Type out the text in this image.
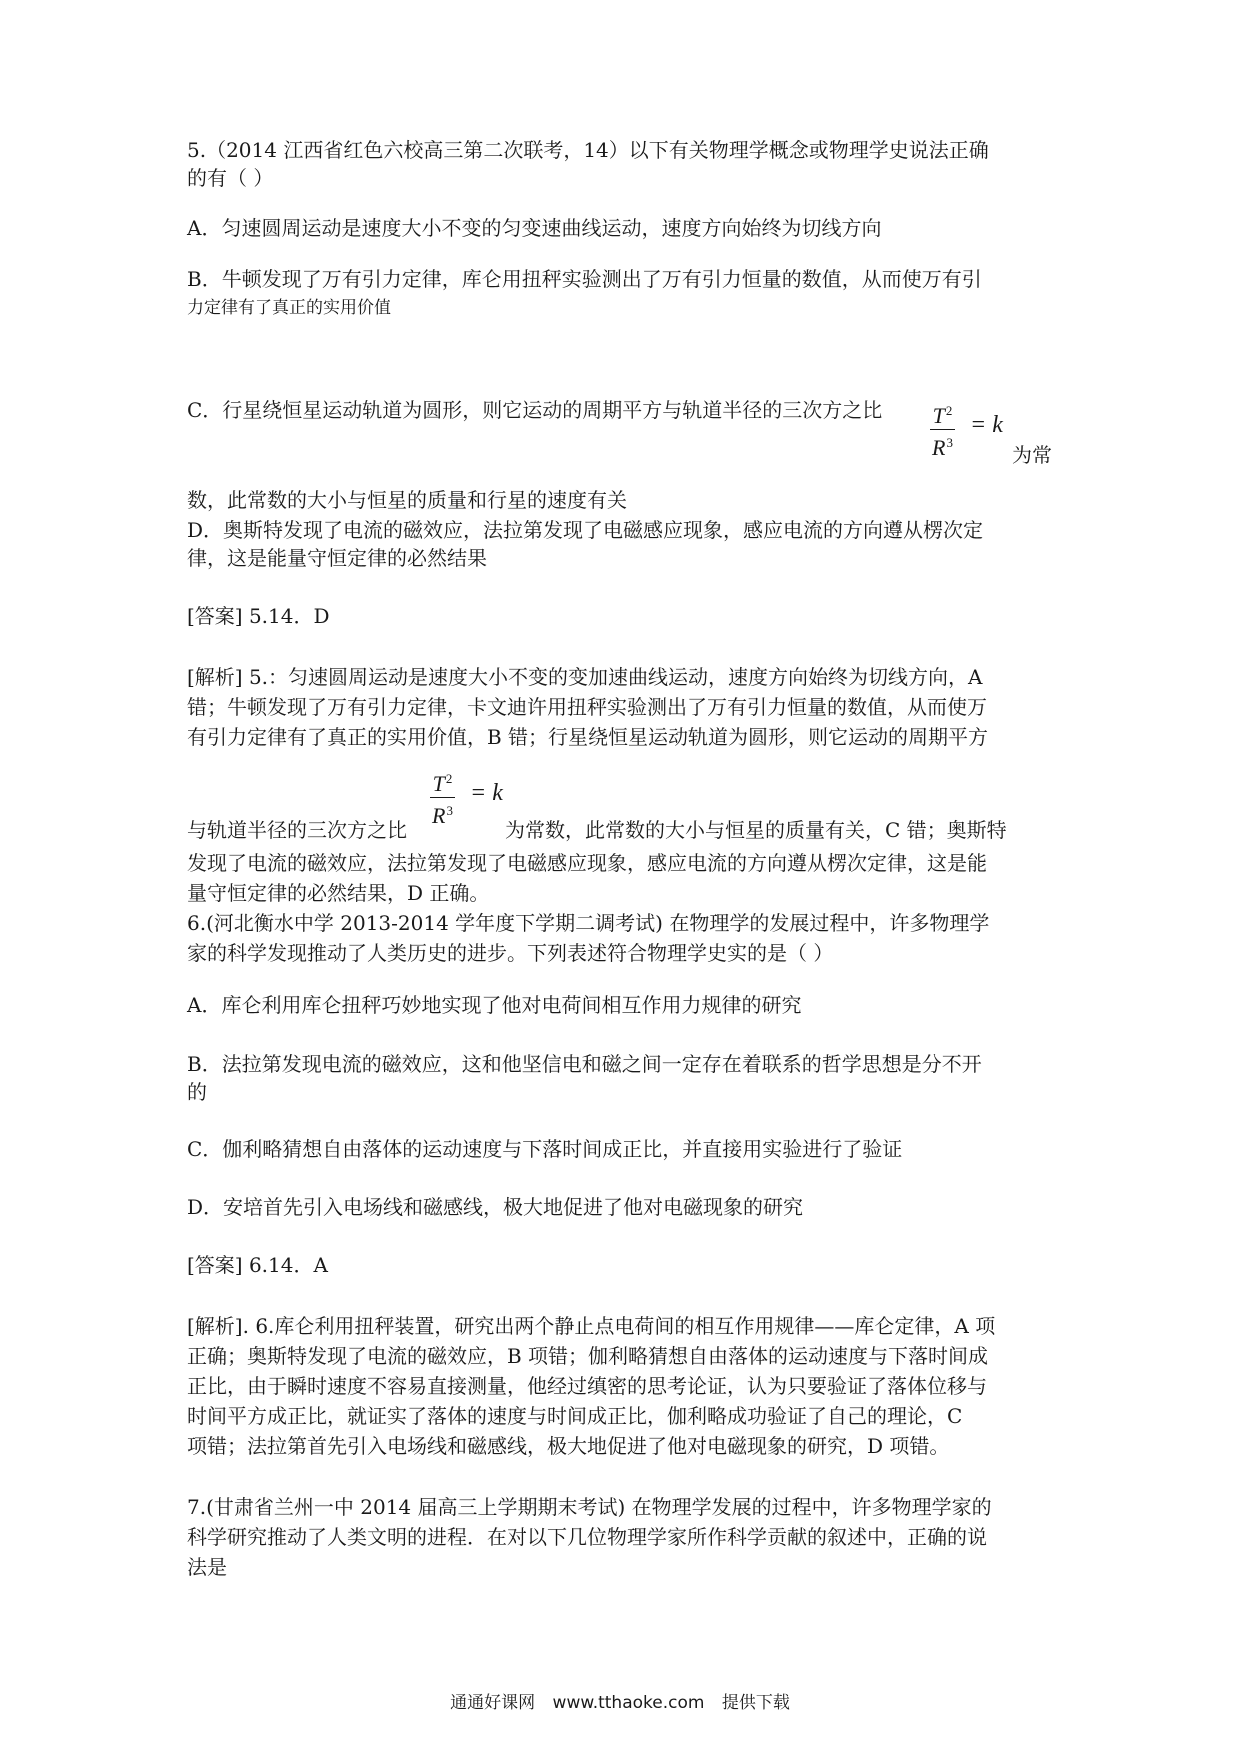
5.（2014 江西省红色六校高三第二次联考，14）以下有关物理学概念或物理学史说法正确
的有（ ）
A．匀速圆周运动是速度大小不变的匀变速曲线运动，速度方向始终为切线方向
B．牛顿发现了万有引力定律，库仑用扭秤实验测出了万有引力恒量的数值，从而使万有引
力定律有了真正的实用价值
C．行星绕恒星运动轨道为圆形，则它运动的周期平方与轨道半径的三次方之比 $\frac{T^2}{R^3} = k$
为常
数，此常数的大小与恒星的质量和行星的速度有关
D．奥斯特发现了电流的磁效应，法拉第发现了电磁感应现象，感应电流的方向遵从楞次定
律，这是能量守恒定律的必然结果
[答案] 5.14．D
[解析] 5.：匀速圆周运动是速度大小不变的变加速曲线运动，速度方向始终为切线方向，A
错；牛顿发现了万有引力定律，卡文迪许用扭秤实验测出了万有引力恒量的数值，从而使万
有引力定律有了真正的实用价值，B 错；行星绕恒星运动轨道为圆形，则它运动的周期平方
$\frac{T^2}{R^3} = k$
与轨道半径的三次方之比	为常数，此常数的大小与恒星的质量有关，C 错；奥斯特
发现了电流的磁效应，法拉第发现了电磁感应现象，感应电流的方向遵从楞次定律，这是能
量守恒定律的必然结果，D 正确。
6.(河北衡水中学 2013-2014 学年度下学期二调考试) 在物理学的发展过程中，许多物理学
家的科学发现推动了人类历史的进步。下列表述符合物理学史实的是（ ）
A．库仑利用库仑扭秤巧妙地实现了他对电荷间相互作用力规律的研究
B．法拉第发现电流的磁效应，这和他坚信电和磁之间一定存在着联系的哲学思想是分不开
的
C．伽利略猜想自由落体的运动速度与下落时间成正比，并直接用实验进行了验证
D．安培首先引入电场线和磁感线，极大地促进了他对电磁现象的研究
[答案] 6.14．A
[解析]. 6.库仑利用扭秤装置，研究出两个静止点电荷间的相互作用规律——库仑定律，A 项
正确；奥斯特发现了电流的磁效应，B 项错；伽利略猜想自由落体的运动速度与下落时间成
正比，由于瞬时速度不容易直接测量，他经过缜密的思考论证，认为只要验证了落体位移与
时间平方成正比，就证实了落体的速度与时间成正比，伽利略成功验证了自己的理论，C
项错；法拉第首先引入电场线和磁感线，极大地促进了他对电磁现象的研究，D 项错。
7.(甘肃省兰州一中 2014 届高三上学期期末考试) 在物理学发展的过程中，许多物理学家的
科学研究推动了人类文明的进程．在对以下几位物理学家所作科学贡献的叙述中，正确的说
法是
通通好课网 www.tthaoke.com 提供下载
